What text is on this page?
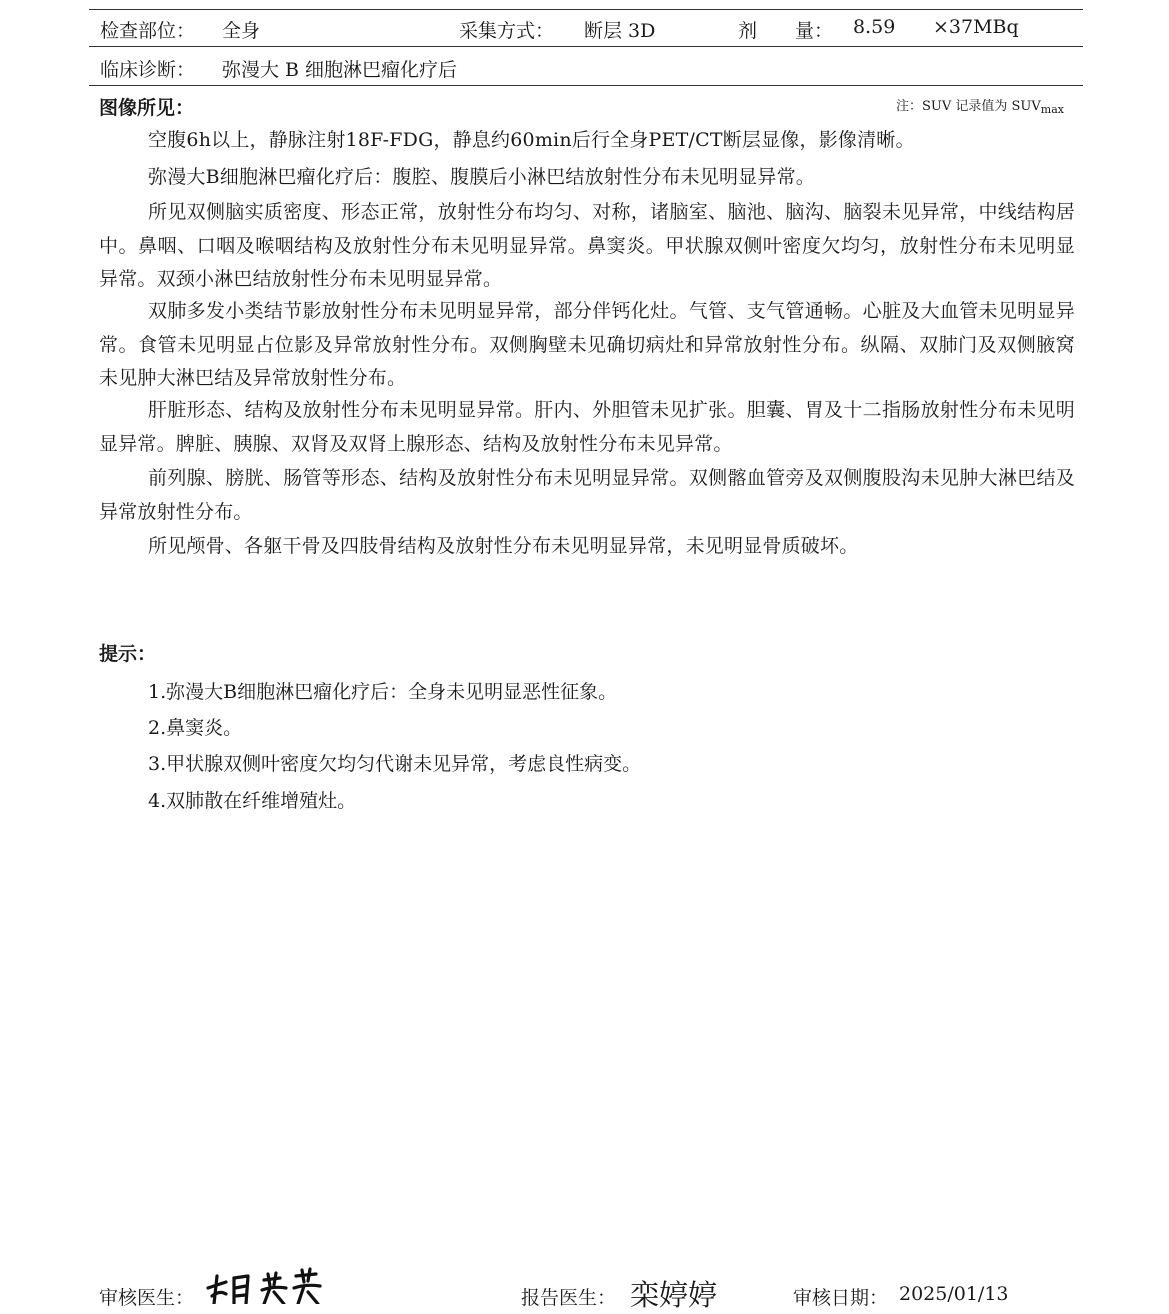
检查部位： 全身	采集方式： 断层 3D	剂　　量： 8.59 ×37MBq
临床诊断： 弥漫大 B 细胞淋巴瘤化疗后
图像所见：	注：SUV 记录值为 $SUV_{max}$
空腹6h以上，静脉注射18F-FDG，静息约60min后行全身PET/CT断层显像，影像清晰。
弥漫大B细胞淋巴瘤化疗后：腹腔、腹膜后小淋巴结放射性分布未见明显异常。
所见双侧脑实质密度、形态正常，放射性分布均匀、对称，诸脑室、脑池、脑沟、脑裂未见异常，中线结构居中。鼻咽、口咽及喉咽结构及放射性分布未见明显异常。鼻窦炎。甲状腺双侧叶密度欠均匀，放射性分布未见明显异常。双颈小淋巴结放射性分布未见明显异常。
双肺多发小类结节影放射性分布未见明显异常，部分伴钙化灶。气管、支气管通畅。心脏及大血管未见明显异常。食管未见明显占位影及异常放射性分布。双侧胸壁未见确切病灶和异常放射性分布。纵隔、双肺门及双侧腋窝未见肿大淋巴结及异常放射性分布。
肝脏形态、结构及放射性分布未见明显异常。肝内、外胆管未见扩张。胆囊、胃及十二指肠放射性分布未见明显异常。脾脏、胰腺、双肾及双肾上腺形态、结构及放射性分布未见异常。
前列腺、膀胱、肠管等形态、结构及放射性分布未见明显异常。双侧髂血管旁及双侧腹股沟未见肿大淋巴结及异常放射性分布。
所见颅骨、各躯干骨及四肢骨结构及放射性分布未见明显异常，未见明显骨质破坏。
提示：
1.弥漫大B细胞淋巴瘤化疗后：全身未见明显恶性征象。
2.鼻窦炎。
3.甲状腺双侧叶密度欠均匀代谢未见异常，考虑良性病变。
4.双肺散在纤维增殖灶。
审核医生：	报告医生： 栾婷婷	审核日期： 2025/01/13
